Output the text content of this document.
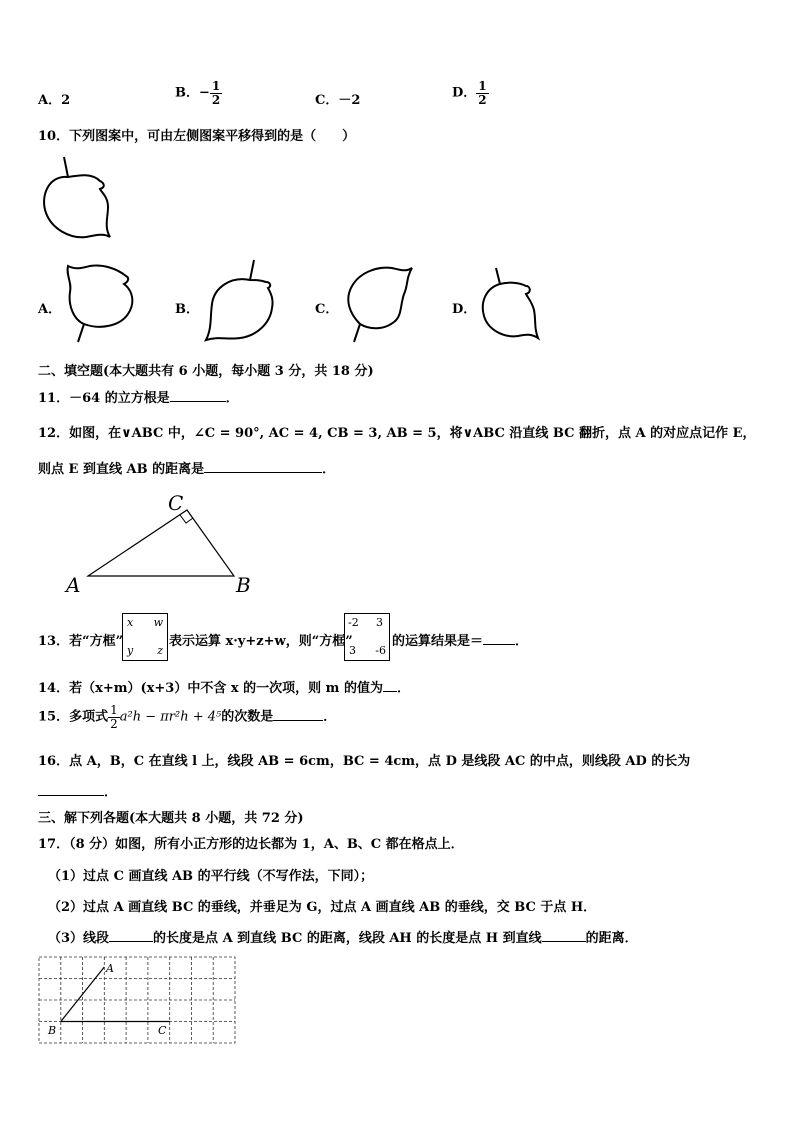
A．2	B．− $\frac{1}{2}$	C．－2	D． $\frac{1}{2}$
10．下列图案中，可由左侧图案平移得到的是（　　）
A．	B．	C．	D．
二、填空题(本大题共有 6 小题，每小题 3 分，共 18 分)
11．－64 的立方根是	．
12．如图，在∨ABC 中，∠C = 90°, AC = 4, CB = 3, AB = 5，将∨ABC 沿直线 BC 翻折，点 A 的对应点记作 E，
则点 E 到直线 AB 的距离是	．
A	B
C
13．若“方框”
x w
y z
表示运算 x·y+z+w，则“方框”
-2 3
3 -6
的运算结果是＝ ．
14．若（x+m）(x+3）中不含 x 的一次项，则 m 的值为 ．
15．多项式 $\frac{1}{2} a^2h - \pi r^2h + 4^5$的次数是	．
16．点 A，B，C 在直线 l 上，线段 AB = 6cm，BC = 4cm，点 D 是线段 AC 的中点，则线段 AD 的长为
．
三、解下列各题(本大题共 8 小题，共 72 分)
17．（8 分）如图，所有小正方形的边长都为 1，A、B、C 都在格点上．
（1）过点 C 画直线 AB 的平行线（不写作法，下同）；
（2）过点 A 画直线 BC 的垂线，并垂足为 G，过点 A 画直线 AB 的垂线，交 BC 于点 H．
（3）线段	的长度是点 A 到直线 BC 的距离，线段 AH 的长度是点 H 到直线	的距离．
A
B	C
